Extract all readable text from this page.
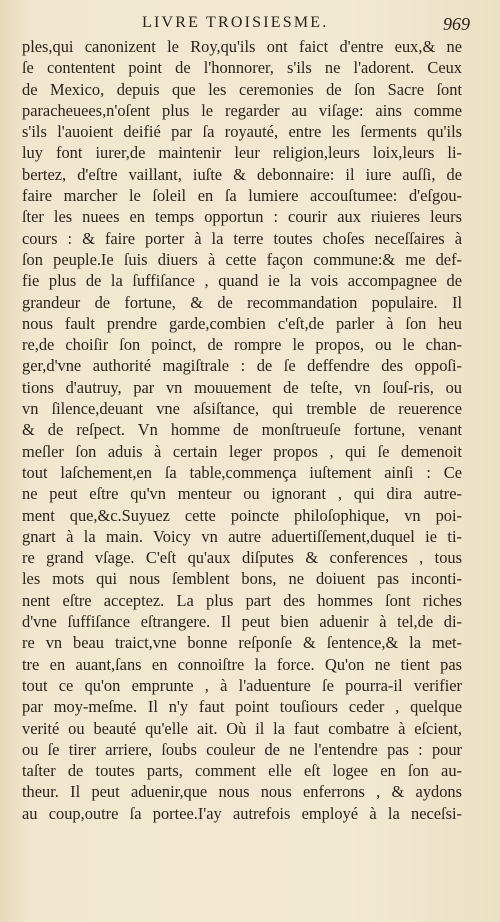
LIVRE TROISIESME.	969
ples,qui canonizent le Roy,qu'ils ont faict d'entre eux,& ne
ſe contentent point de l'honnorer, s'ils ne l'adorent. Ceux
de Mexico, depuis que les ceremonies de ſon Sacre ſont
paracheuees,n'oſent plus le regarder au viſage: ains comme
s'ils l'auoient deifié par ſa royauté, entre les ſerments qu'ils
luy font iurer,de maintenir leur religion,leurs loix,leurs li-
bertez, d'eſtre vaillant, iuſte & debonnaire: il iure auſſi, de
faire marcher le ſoleil en ſa lumiere accouſtumee: d'eſgou-
ſter les nuees en temps opportun : courir aux riuieres leurs
cours : & faire porter à la terre toutes choſes neceſſaires à
ſon peuple.Ie ſuis diuers à cette façon commune:& me def-
fie plus de la ſuffiſance , quand ie la vois accompagnee de
grandeur de fortune, & de recommandation populaire. Il
nous fault prendre garde,combien c'eſt,de parler à ſon heu
re,de choiſir ſon poinct, de rompre le propos, ou le chan-
ger,d'vne authorité magiſtrale : de ſe deffendre des oppoſi-
tions d'autruy, par vn mouuement de teſte, vn ſouſ-ris, ou
vn ſilence,deuant vne aſsiſtance, qui tremble de reuerence
& de reſpect. Vn homme de monſtrueuſe fortune, venant
meſler ſon aduis à certain leger propos , qui ſe demenoit
tout laſchement,en ſa table,commença iuſtement ainſi : Ce
ne peut eſtre qu'vn menteur ou ignorant , qui dira autre-
ment que,&c.Suyuez cette poincte philoſophique, vn poi-
gnart à la main. Voicy vn autre aduertiſſement,duquel ie ti-
re grand vſage. C'eſt qu'aux diſputes & conferences , tous
les mots qui nous ſemblent bons, ne doiuent pas inconti-
nent eſtre acceptez. La plus part des hommes ſont riches
d'vne ſuffiſance eſtrangere. Il peut bien aduenir à tel,de di-
re vn beau traict,vne bonne reſponſe & ſentence,& la met-
tre en auant,ſans en connoiſtre la force. Qu'on ne tient pas
tout ce qu'on emprunte , à l'aduenture ſe pourra-il verifier
par moy-meſme. Il n'y faut point touſiours ceder , quelque
verité ou beauté qu'elle ait. Où il la faut combatre à eſcient,
ou ſe tirer arriere, ſoubs couleur de ne l'entendre pas : pour
taſter de toutes parts, comment elle eſt logee en ſon au-
theur. Il peut aduenir,que nous nous enferrons , & aydons
au coup,outre ſa portee.I'ay autrefois employé à la neceſsi-
